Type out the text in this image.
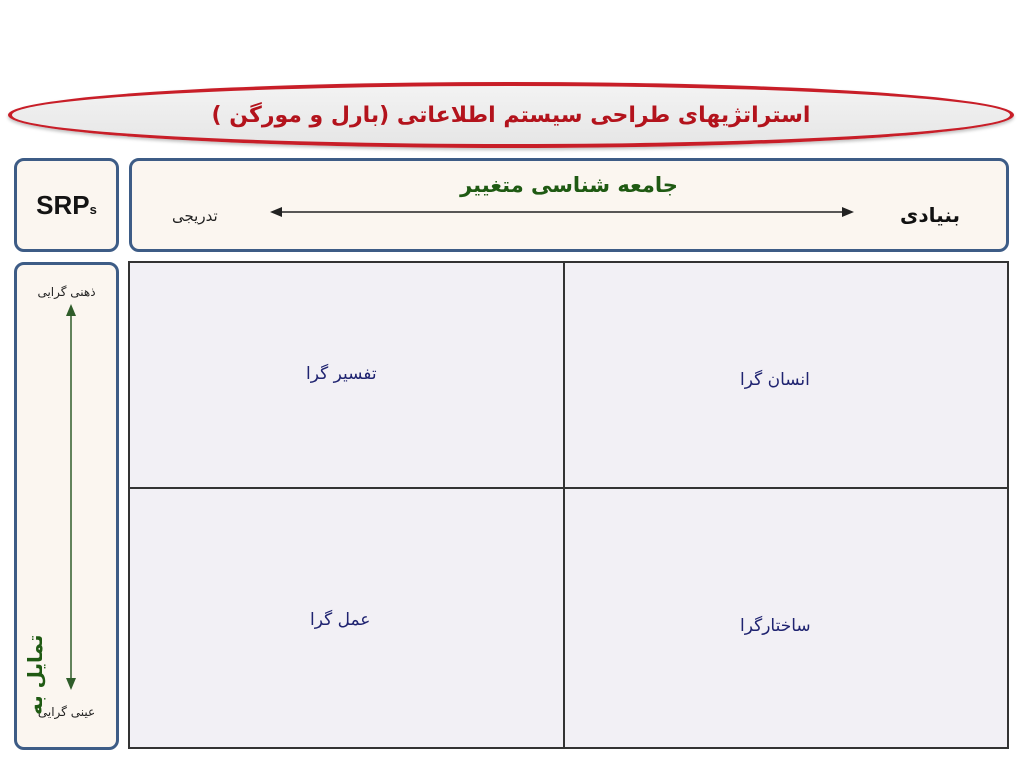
استراتژیهای طراحی سیستم اطلاعاتی (بارل و مورگن )
SRPs
جامعه شناسی متغییر
بنیادی
تدریجی
ذهنی گرایی
تمایل به
عینی گرایی
تفسیر گرا	انسان گرا
عمل گرا	ساختارگرا
